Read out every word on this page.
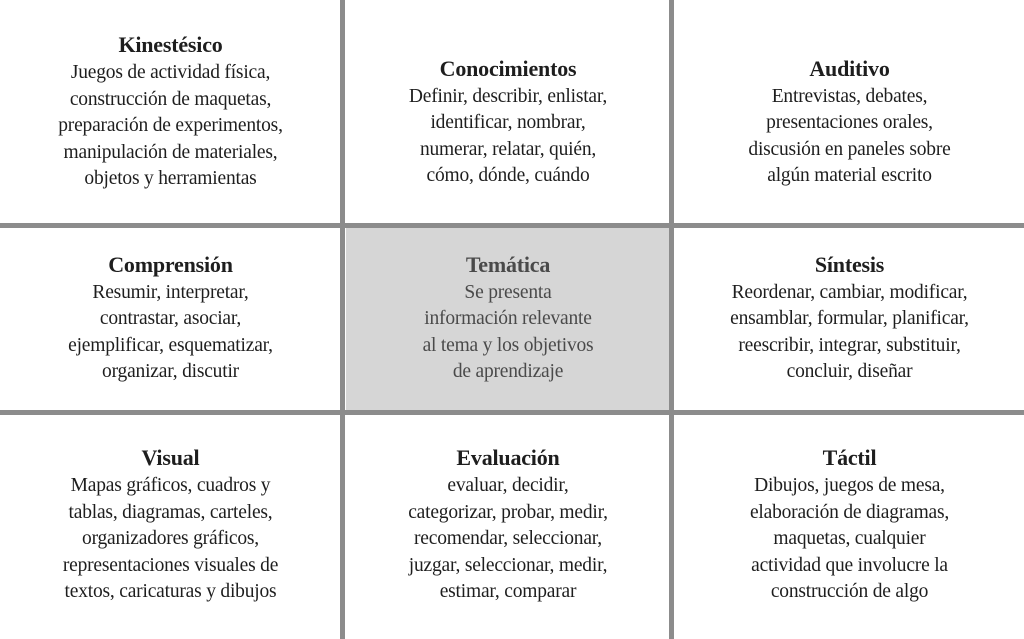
Kinestésico
Juegos de actividad física,
construcción de maquetas,
preparación de experimentos,
manipulación de materiales,
objetos y herramientas
Conocimientos
Definir, describir, enlistar,
identificar, nombrar,
numerar, relatar, quién,
cómo, dónde, cuándo
Auditivo
Entrevistas, debates,
presentaciones orales,
discusión en paneles sobre
algún material escrito
Comprensión
Resumir, interpretar,
contrastar, asociar,
ejemplificar, esquematizar,
organizar, discutir
Temática
Se presenta
información relevante
al tema y los objetivos
de aprendizaje
Síntesis
Reordenar, cambiar, modificar,
ensamblar, formular, planificar,
reescribir, integrar, substituir,
concluir, diseñar
Visual
Mapas gráficos, cuadros y
tablas, diagramas, carteles,
organizadores gráficos,
representaciones visuales de
textos, caricaturas y dibujos
Evaluación
evaluar, decidir,
categorizar, probar, medir,
recomendar, seleccionar,
juzgar, seleccionar, medir,
estimar, comparar
Táctil
Dibujos, juegos de mesa,
elaboración de diagramas,
maquetas, cualquier
actividad que involucre la
construcción de algo
